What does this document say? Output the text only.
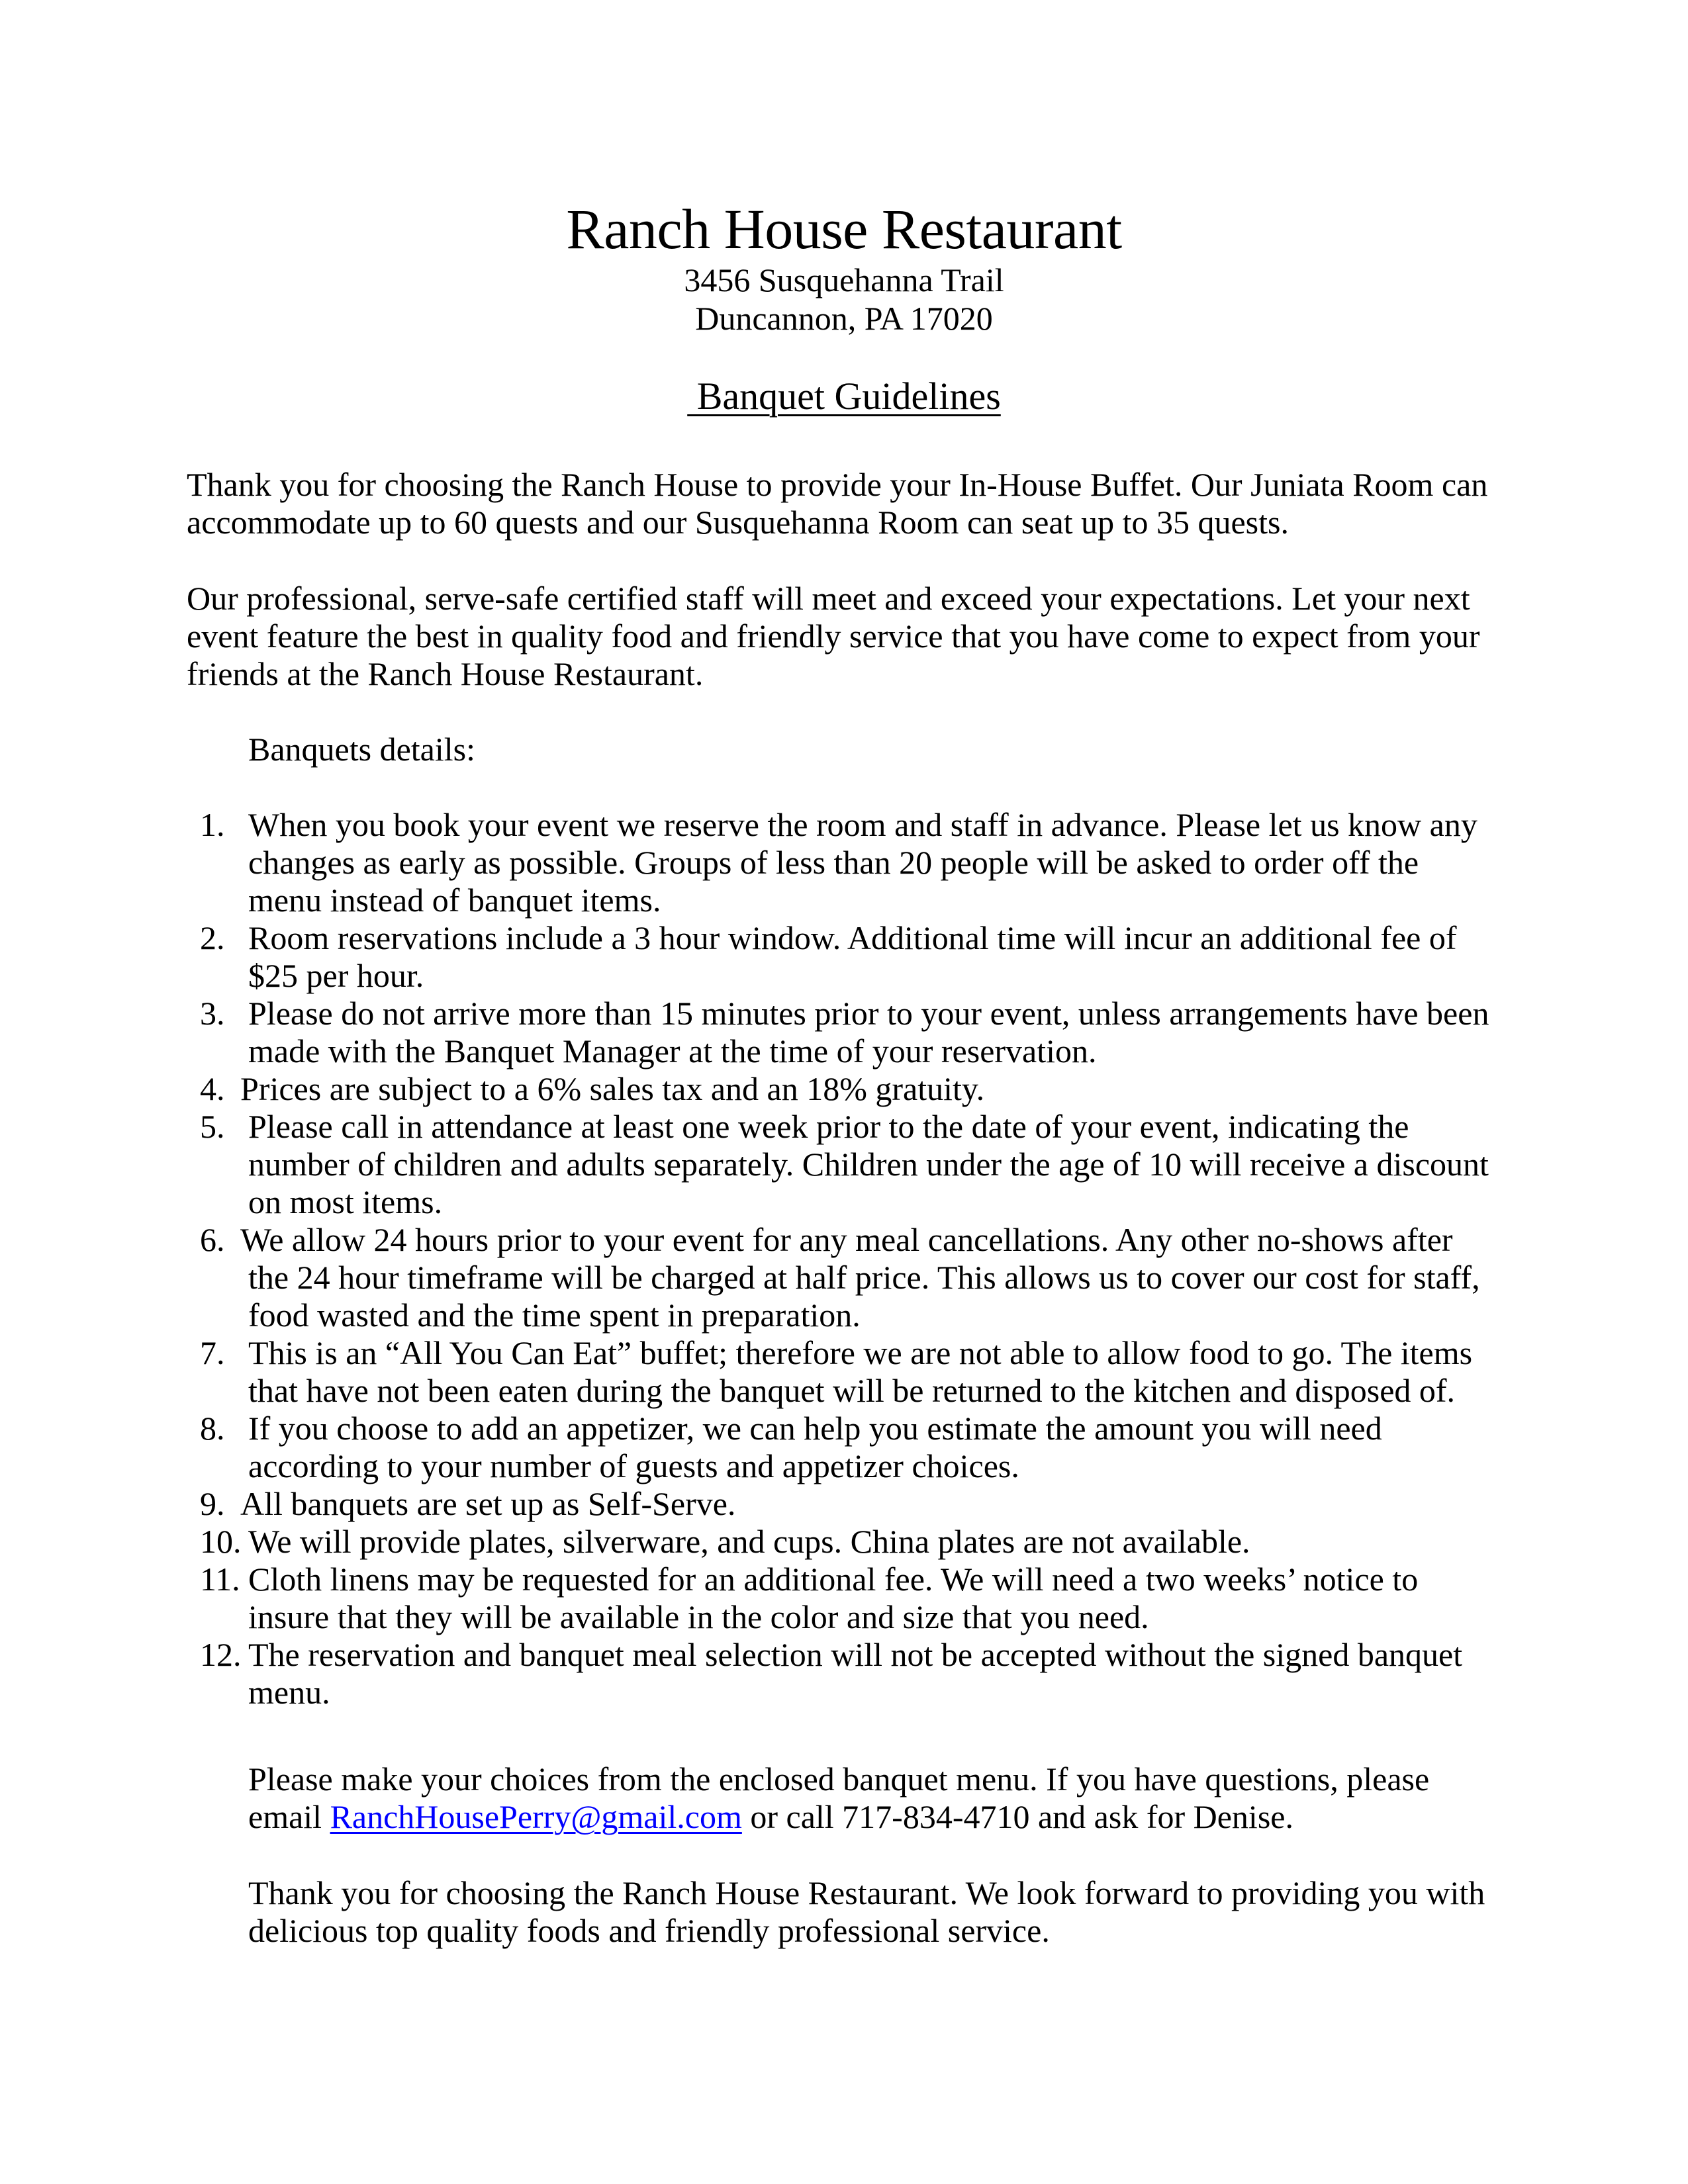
Ranch House Restaurant
3456 Susquehanna Trail
Duncannon, PA 17020
Banquet Guidelines
Thank you for choosing the Ranch House to provide your In-House Buffet. Our Juniata Room can accommodate up to 60 quests and our Susquehanna Room can seat up to 35 quests.
Our professional, serve-safe certified staff will meet and exceed your expectations. Let your next event feature the best in quality food and friendly service that you have come to expect from your friends at the Ranch House Restaurant.
Banquets details:
1. When you book your event we reserve the room and staff in advance. Please let us know any changes as early as possible. Groups of less than 20 people will be asked to order off the menu instead of banquet items.
2. Room reservations include a 3 hour window. Additional time will incur an additional fee of $25 per hour.
3. Please do not arrive more than 15 minutes prior to your event, unless arrangements have been made with the Banquet Manager at the time of your reservation.
4. Prices are subject to a 6% sales tax and an 18% gratuity.
5. Please call in attendance at least one week prior to the date of your event, indicating the number of children and adults separately. Children under the age of 10 will receive a discount on most items.
6. We allow 24 hours prior to your event for any meal cancellations. Any other no-shows after
the 24 hour timeframe will be charged at half price. This allows us to cover our cost for staff, food wasted and the time spent in preparation.
7. This is an “All You Can Eat” buffet; therefore we are not able to allow food to go. The items that have not been eaten during the banquet will be returned to the kitchen and disposed of.
8. If you choose to add an appetizer, we can help you estimate the amount you will need according to your number of guests and appetizer choices.
9. All banquets are set up as Self-Serve.
10. We will provide plates, silverware, and cups. China plates are not available.
11. Cloth linens may be requested for an additional fee. We will need a two weeks’ notice to insure that they will be available in the color and size that you need.
12. The reservation and banquet meal selection will not be accepted without the signed banquet menu.
Please make your choices from the enclosed banquet menu. If you have questions, please email RanchHousePerry@gmail.com or call 717-834-4710 and ask for Denise.
Thank you for choosing the Ranch House Restaurant. We look forward to providing you with delicious top quality foods and friendly professional service.
